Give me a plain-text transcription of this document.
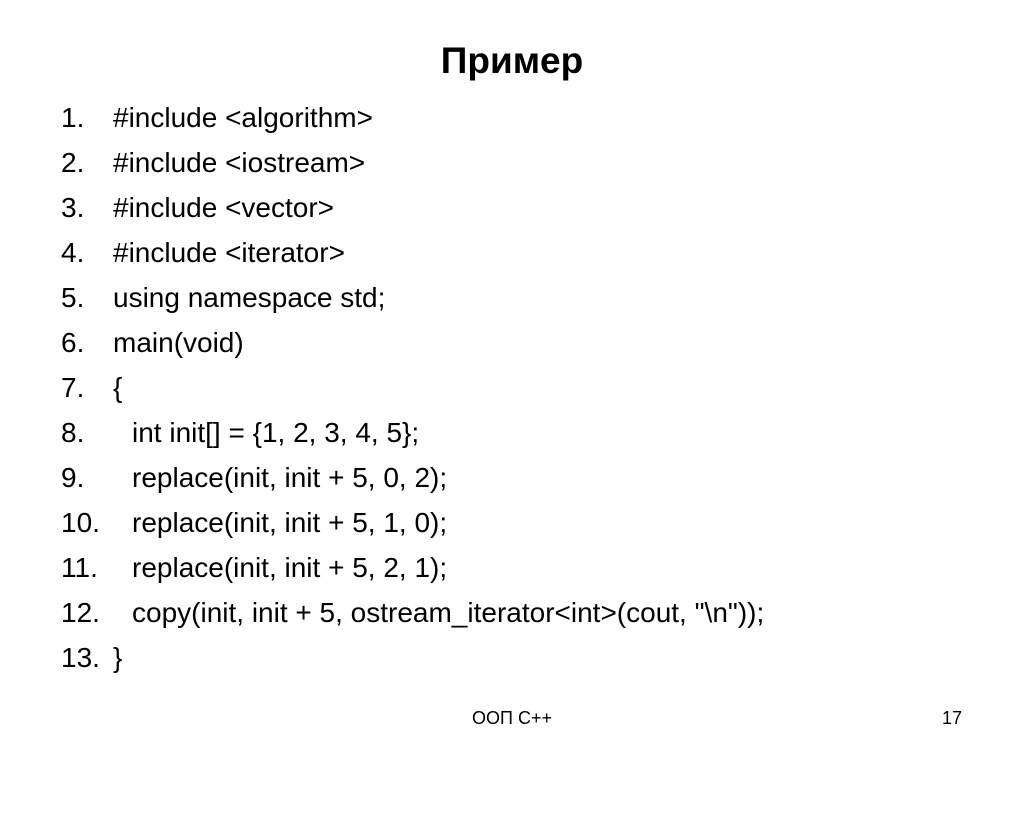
Пример

1.

#include <algorithm>

2.

#include <iostream>

3.

#include <vector>

4.

#include <iterator>

5.

using namespace std;

6.

main(void)

7.

{

8.

int init[] = {1, 2, 3, 4, 5};

9.

replace(init, init + 5, 0, 2);

10.

replace(init, init + 5, 1, 0);

11.

replace(init, init + 5, 2, 1);

12.

copy(init, init + 5, ostream_iterator<int>(cout, "\n"));

13.

}

ООП С++	17
